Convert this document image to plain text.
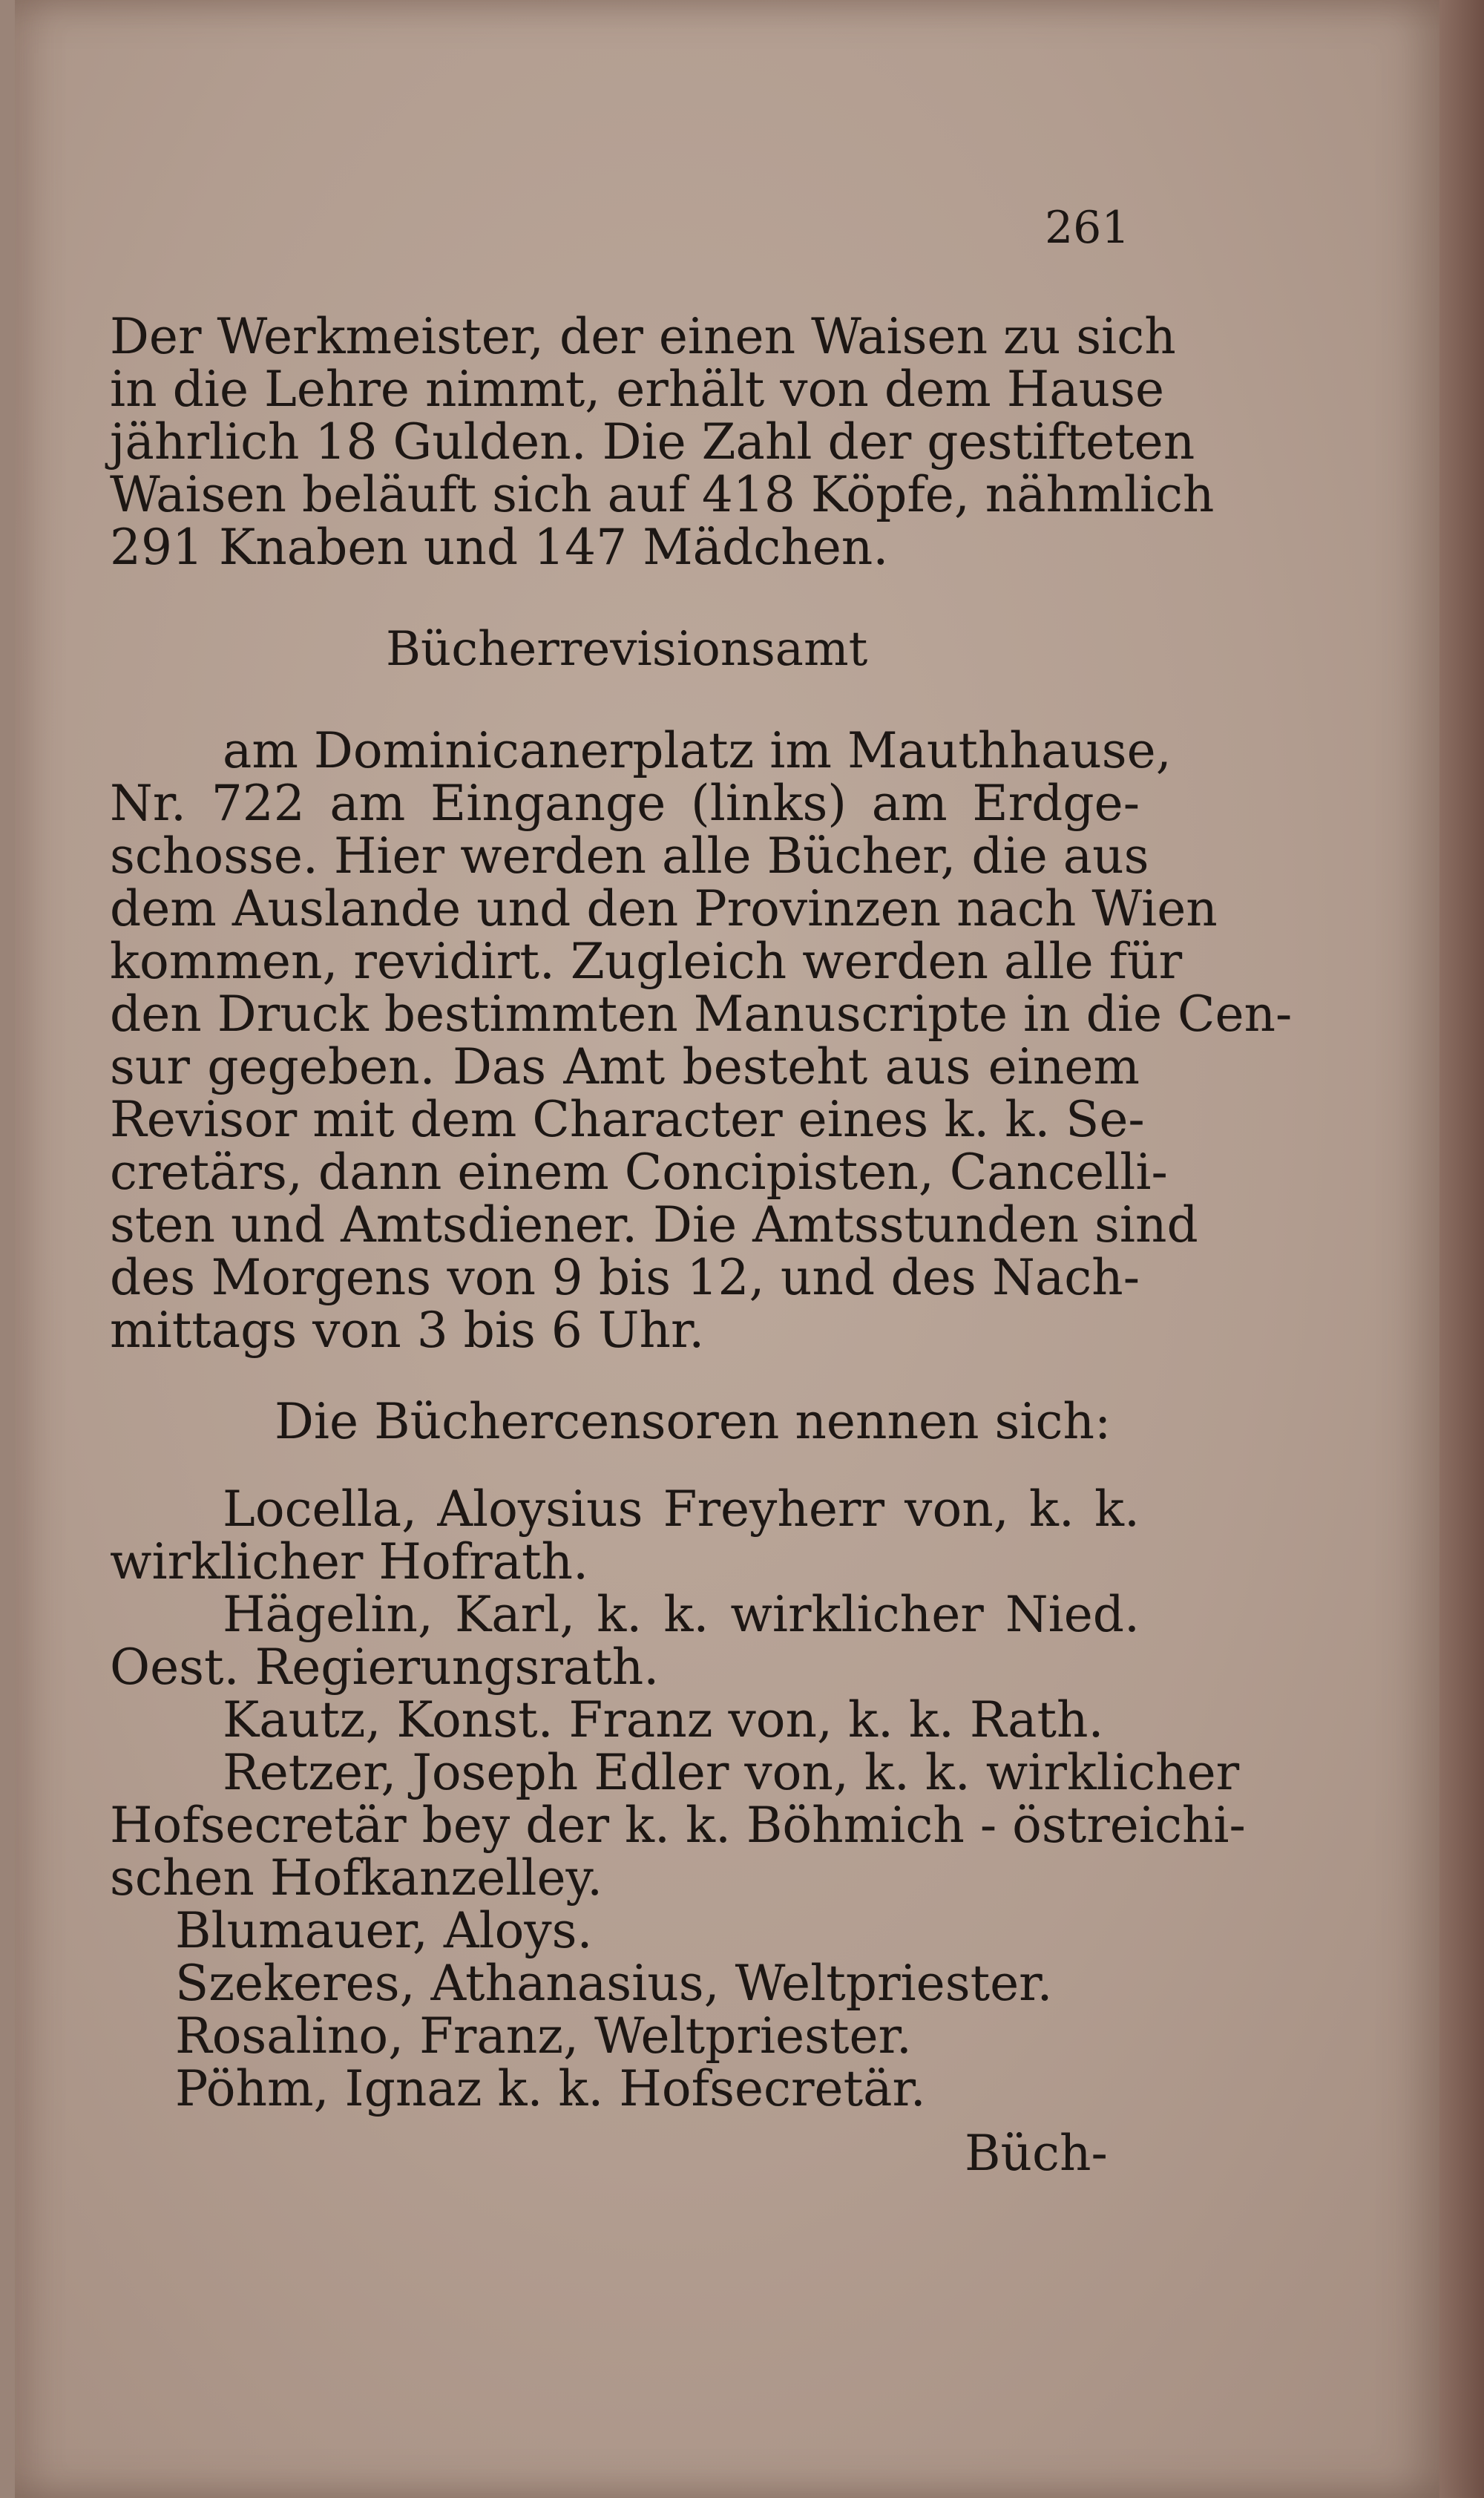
261
Der Werkmeister, der einen Waisen zu sich
in die Lehre nimmt, erhält von dem Hause
jährlich 18 Gulden. Die Zahl der gestifteten
Waisen beläuft sich auf 418 Köpfe, nähmlich
291 Knaben und 147 Mädchen.
Bücherrevisionsamt
am Dominicanerplatz im Mauthhause,
Nr. 722 am Eingange (links) am Erdge-
schosse. Hier werden alle Bücher, die aus
dem Auslande und den Provinzen nach Wien
kommen, revidirt. Zugleich werden alle für
den Druck bestimmten Manuscripte in die Cen-
sur gegeben. Das Amt besteht aus einem
Revisor mit dem Character eines k. k. Se-
cretärs, dann einem Concipisten, Cancelli-
sten und Amtsdiener. Die Amtsstunden sind
des Morgens von 9 bis 12, und des Nach-
mittags von 3 bis 6 Uhr.
Die Büchercensoren nennen sich:
Locella, Aloysius Freyherr von, k. k.
wirklicher Hofrath.
Hägelin, Karl, k. k. wirklicher Nied.
Oest. Regierungsrath.
Kautz, Konst. Franz von, k. k. Rath.
Retzer, Joseph Edler von, k. k. wirklicher
Hofsecretär bey der k. k. Böhmich - östreichi-
schen Hofkanzelley.
Blumauer, Aloys.
Szekeres, Athanasius, Weltpriester.
Rosalino, Franz, Weltpriester.
Pöhm, Ignaz k. k. Hofsecretär.
Büch-
